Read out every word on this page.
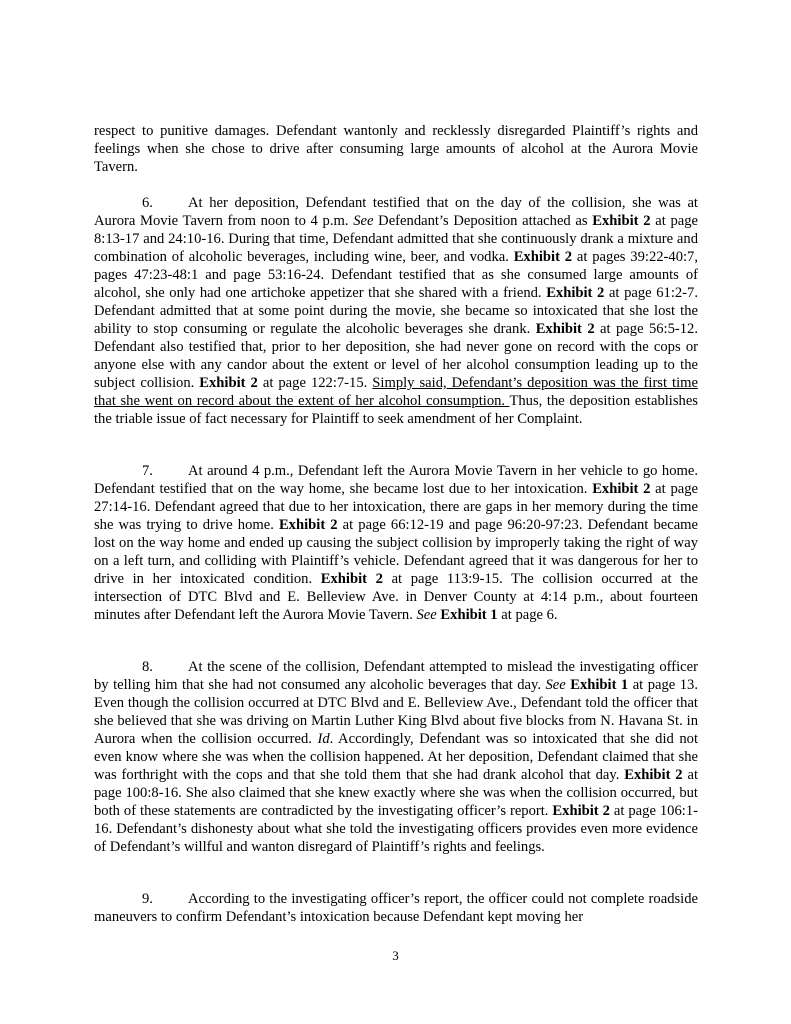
respect to punitive damages. Defendant wantonly and recklessly disregarded Plaintiff’s rights and feelings when she chose to drive after consuming large amounts of alcohol at the Aurora Movie Tavern.

6. At her deposition, Defendant testified that on the day of the collision, she was at Aurora Movie Tavern from noon to 4 p.m. See Defendant’s Deposition attached as Exhibit 2 at page 8:13-17 and 24:10-16. During that time, Defendant admitted that she continuously drank a mixture and combination of alcoholic beverages, including wine, beer, and vodka. Exhibit 2 at pages 39:22-40:7, pages 47:23-48:1 and page 53:16-24. Defendant testified that as she consumed large amounts of alcohol, she only had one artichoke appetizer that she shared with a friend. Exhibit 2 at page 61:2-7. Defendant admitted that at some point during the movie, she became so intoxicated that she lost the ability to stop consuming or regulate the alcoholic beverages she drank. Exhibit 2 at page 56:5-12. Defendant also testified that, prior to her deposition, she had never gone on record with the cops or anyone else with any candor about the extent or level of her alcohol consumption leading up to the subject collision. Exhibit 2 at page 122:7-15. Simply said, Defendant’s deposition was the first time that she went on record about the extent of her alcohol consumption. Thus, the deposition establishes the triable issue of fact necessary for Plaintiff to seek amendment of her Complaint.

7. At around 4 p.m., Defendant left the Aurora Movie Tavern in her vehicle to go home. Defendant testified that on the way home, she became lost due to her intoxication. Exhibit 2 at page 27:14-16. Defendant agreed that due to her intoxication, there are gaps in her memory during the time she was trying to drive home. Exhibit 2 at page 66:12-19 and page 96:20-97:23. Defendant became lost on the way home and ended up causing the subject collision by improperly taking the right of way on a left turn, and colliding with Plaintiff’s vehicle. Defendant agreed that it was dangerous for her to drive in her intoxicated condition. Exhibit 2 at page 113:9-15. The collision occurred at the intersection of DTC Blvd and E. Belleview Ave. in Denver County at 4:14 p.m., about fourteen minutes after Defendant left the Aurora Movie Tavern. See Exhibit 1 at page 6.

8. At the scene of the collision, Defendant attempted to mislead the investigating officer by telling him that she had not consumed any alcoholic beverages that day. See Exhibit 1 at page 13. Even though the collision occurred at DTC Blvd and E. Belleview Ave., Defendant told the officer that she believed that she was driving on Martin Luther King Blvd about five blocks from N. Havana St. in Aurora when the collision occurred. Id. Accordingly, Defendant was so intoxicated that she did not even know where she was when the collision happened. At her deposition, Defendant claimed that she was forthright with the cops and that she told them that she had drank alcohol that day. Exhibit 2 at page 100:8-16. She also claimed that she knew exactly where she was when the collision occurred, but both of these statements are contradicted by the investigating officer’s report. Exhibit 2 at page 106:1-16. Defendant’s dishonesty about what she told the investigating officers provides even more evidence of Defendant’s willful and wanton disregard of Plaintiff’s rights and feelings.

9. According to the investigating officer’s report, the officer could not complete roadside maneuvers to confirm Defendant’s intoxication because Defendant kept moving her

3
